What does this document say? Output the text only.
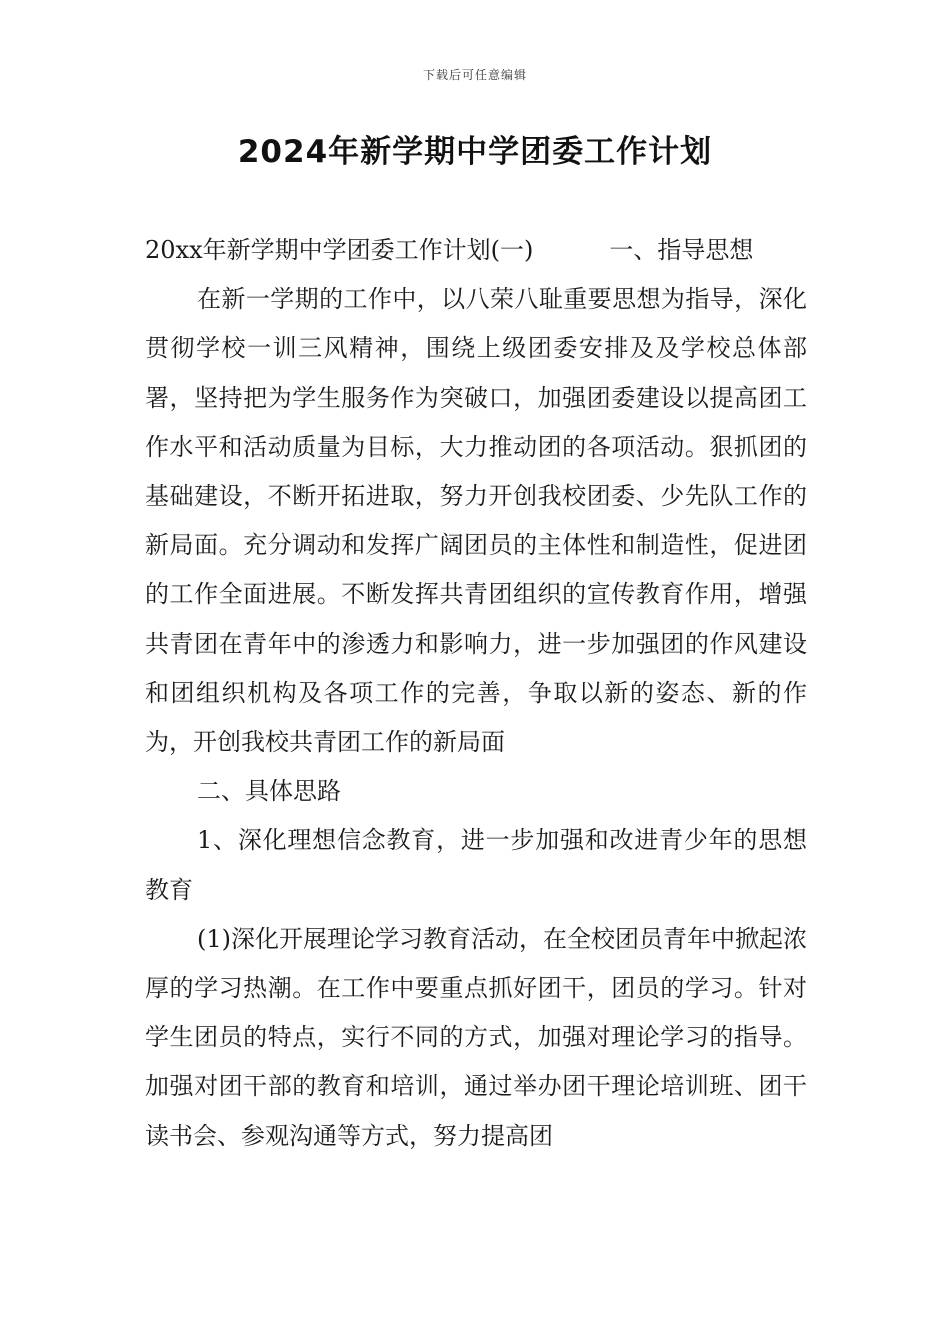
下载后可任意编辑
2024年新学期中学团委工作计划

20xx年新学期中学团委工作计划(一)	一、指导思想

在新一学期的工作中，以八荣八耻重要思想为指导，深化贯彻学校一训三风精神，围绕上级团委安排及及学校总体部署，坚持把为学生服务作为突破口，加强团委建设以提高团工作水平和活动质量为目标，大力推动团的各项活动。狠抓团的基础建设，不断开拓进取，努力开创我校团委、少先队工作的新局面。充分调动和发挥广阔团员的主体性和制造性，促进团的工作全面进展。不断发挥共青团组织的宣传教育作用，增强共青团在青年中的渗透力和影响力，进一步加强团的作风建设和团组织机构及各项工作的完善，争取以新的姿态、新的作为，开创我校共青团工作的新局面

二、具体思路

1、深化理想信念教育，进一步加强和改进青少年的思想教育

(1)深化开展理论学习教育活动，在全校团员青年中掀起浓厚的学习热潮。在工作中要重点抓好团干，团员的学习。针对学生团员的特点，实行不同的方式，加强对理论学习的指导。加强对团干部的教育和培训，通过举办团干理论培训班、团干读书会、参观沟通等方式，努力提高团
